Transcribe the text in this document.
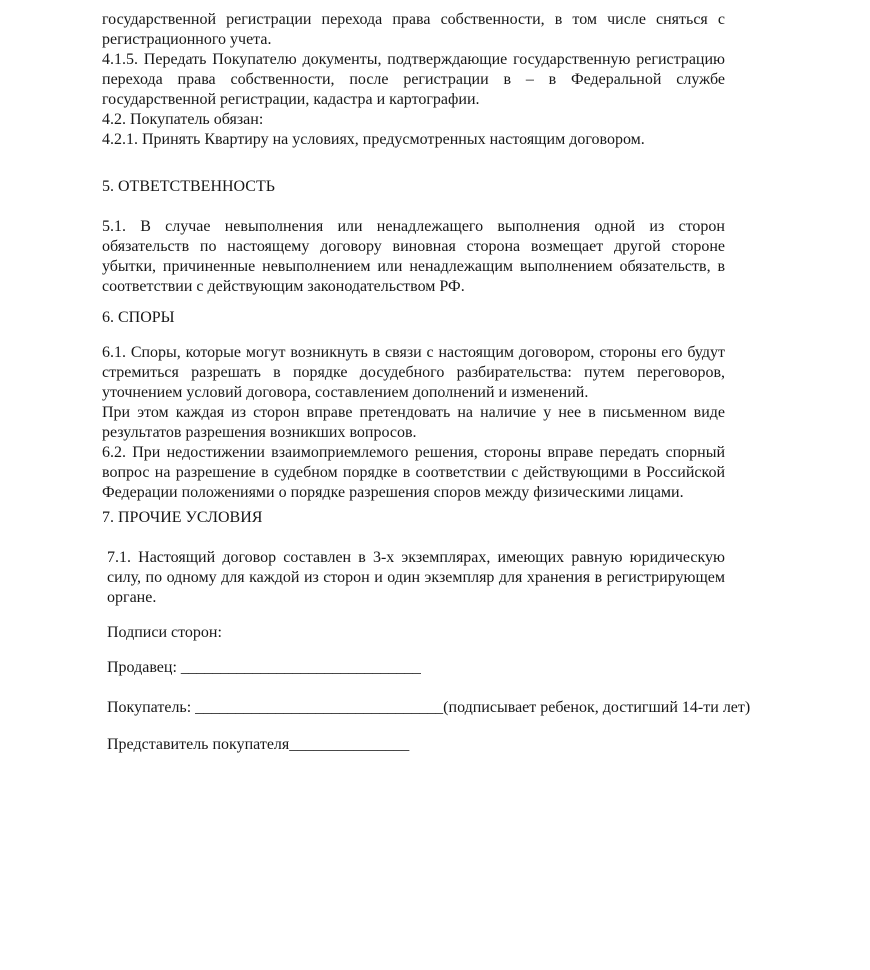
государственной регистрации перехода права собственности, в том числе сняться с
регистрационного учета.
4.1.5. Передать Покупателю документы, подтверждающие государственную регистрацию
перехода права собственности, после регистрации в – в Федеральной службе
государственной регистрации, кадастра и картографии.
4.2. Покупатель обязан:
4.2.1. Принять Квартиру на условиях, предусмотренных настоящим договором.
5. ОТВЕТСТВЕННОСТЬ
5.1. В случае невыполнения или ненадлежащего выполнения одной из сторон
обязательств по настоящему договору виновная сторона возмещает другой стороне
убытки, причиненные невыполнением или ненадлежащим выполнением обязательств, в
соответствии с действующим законодательством РФ.
6. СПОРЫ
6.1. Споры, которые могут возникнуть в связи с настоящим договором, стороны его будут
стремиться разрешать в порядке досудебного разбирательства: путем переговоров,
уточнением условий договора, составлением дополнений и изменений.
При этом каждая из сторон вправе претендовать на наличие у нее в письменном виде
результатов разрешения возникших вопросов.
6.2. При недостижении взаимоприемлемого решения, стороны вправе передать спорный
вопрос на разрешение в судебном порядке в соответствии с действующими в Российской
Федерации положениями о порядке разрешения споров между физическими лицами.
7. ПРОЧИЕ УСЛОВИЯ
7.1. Настоящий договор составлен в 3-х экземплярах, имеющих равную юридическую
силу, по одному для каждой из сторон и один экземпляр для хранения в регистрирующем
органе.
Подписи сторон:
Продавец: ______________________________
Покупатель: _______________________________(подписывает ребенок, достигший 14-ти лет)
Представитель покупателя_______________
